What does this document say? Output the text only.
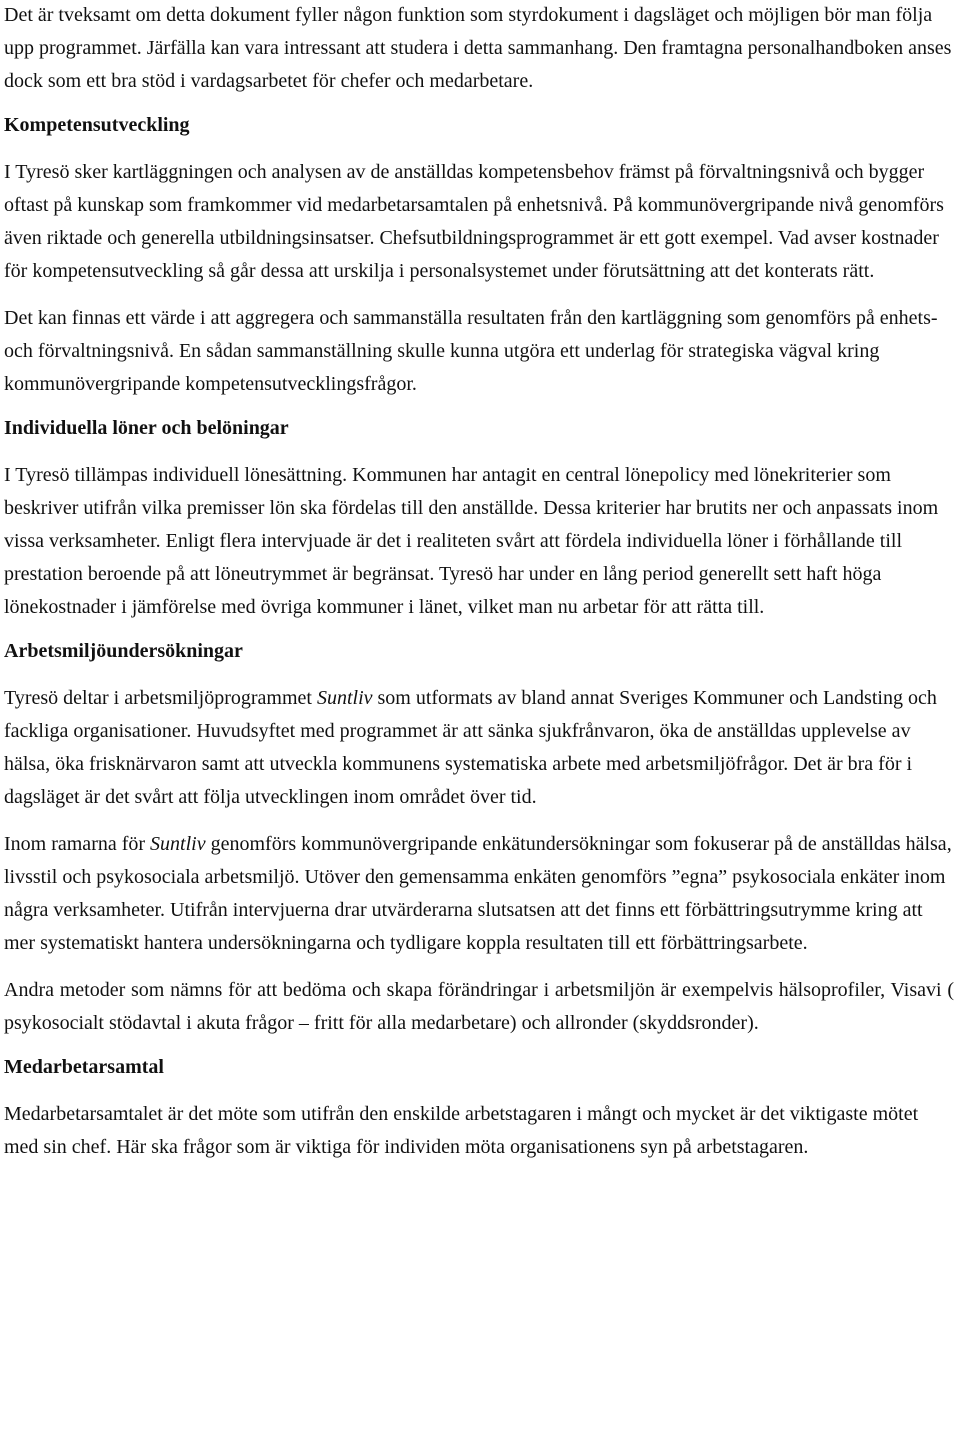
Det är tveksamt om detta dokument fyller någon funktion som styrdokument i dagsläget och möjligen bör man följa upp programmet. Järfälla kan vara intressant att studera i detta sammanhang. Den framtagna personalhandboken anses dock som ett bra stöd i vardagsarbetet för chefer och medarbetare.

Kompetensutveckling

I Tyresö sker kartläggningen och analysen av de anställdas kompetensbehov främst på förvaltningsnivå och bygger oftast på kunskap som framkommer vid medarbetarsamtalen på enhetsnivå. På kommunövergripande nivå genomförs även riktade och generella utbildningsinsatser. Chefsutbildningsprogrammet är ett gott exempel. Vad avser kostnader för kompetensutveckling så går dessa att urskilja i personalsystemet under förutsättning att det konterats rätt.

Det kan finnas ett värde i att aggregera och sammanställa resultaten från den kartläggning som genomförs på enhets- och förvaltningsnivå. En sådan sammanställning skulle kunna utgöra ett underlag för strategiska vägval kring kommunövergripande kompetensutvecklingsfrågor.

Individuella löner och belöningar

I Tyresö tillämpas individuell lönesättning. Kommunen har antagit en central lönepolicy med lönekriterier som beskriver utifrån vilka premisser lön ska fördelas till den anställde. Dessa kriterier har brutits ner och anpassats inom vissa verksamheter. Enligt flera intervjuade är det i realiteten svårt att fördela individuella löner i förhållande till prestation beroende på att löneutrymmet är begränsat. Tyresö har under en lång period generellt sett haft höga lönekostnader i jämförelse med övriga kommuner i länet, vilket man nu arbetar för att rätta till.

Arbetsmiljöundersökningar

Tyresö deltar i arbetsmiljöprogrammet Suntliv som utformats av bland annat Sveriges Kommuner och Landsting och fackliga organisationer. Huvudsyftet med programmet är att sänka sjukfrånvaron, öka de anställdas upplevelse av hälsa, öka frisknärvaron samt att utveckla kommunens systematiska arbete med arbetsmiljöfrågor. Det är bra för i dagsläget är det svårt att följa utvecklingen inom området över tid.

Inom ramarna för Suntliv genomförs kommunövergripande enkätundersökningar som fokuserar på de anställdas hälsa, livsstil och psykosociala arbetsmiljö. Utöver den gemensamma enkäten genomförs ”egna” psykosociala enkäter inom några verksamheter. Utifrån intervjuerna drar utvärderarna slutsatsen att det finns ett förbättringsutrymme kring att mer systematiskt hantera undersökningarna och tydligare koppla resultaten till ett förbättringsarbete.

Andra metoder som nämns för att bedöma och skapa förändringar i arbetsmiljön är exempelvis hälsoprofiler, Visavi ( psykosocialt stödavtal i akuta frågor – fritt för alla medarbetare) och allronder (skyddsronder).

Medarbetarsamtal

Medarbetarsamtalet är det möte som utifrån den enskilde arbetstagaren i mångt och mycket är det viktigaste mötet med sin chef. Här ska frågor som är viktiga för individen möta organisationens syn på arbetstagaren.
